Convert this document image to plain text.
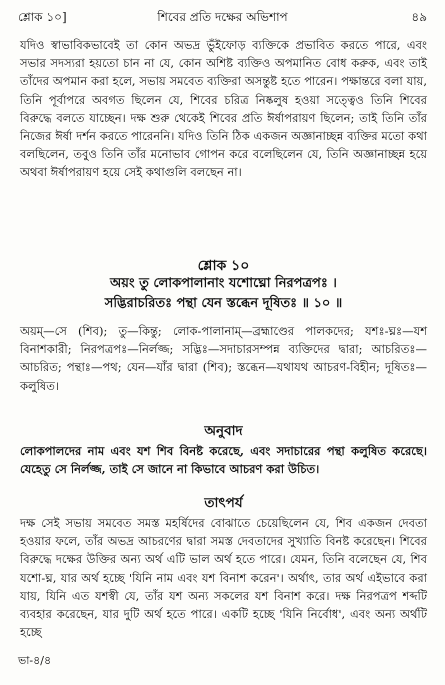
শ্লোক ১০]	শিবের প্রতি দক্ষের অভিশাপ	৪৯
যদিও স্বাভাবিকভাবেই তা কোন অভদ্র ভুঁইফোড় ব্যক্তিকে প্রভাবিত করতে পারে, এবং সভার সদস্যরা হয়তো চান না যে, কোন অশিষ্ট ব্যক্তিও অপমানিত বোধ করুক, এবং তাই তাঁদের অপমান করা হলে, সভায় সমবেত ব্যক্তিরা অসন্তুষ্ট হতে পারেন। পক্ষান্তরে বলা যায়, তিনি পূর্বাপরে অবগত ছিলেন যে, শিবের চরিত্র নিষ্কলুষ হওয়া সত্ত্বেও তিনি শিবের বিরুদ্ধে বলতে যাচ্ছেন। দক্ষ শুরু থেকেই শিবের প্রতি ঈর্ষাপরায়ণ ছিলেন; তাই তিনি তাঁর নিজের ঈর্ষা দর্শন করতে পারেননি। যদিও তিনি ঠিক একজন অজ্ঞানাচ্ছন্ন ব্যক্তির মতো কথা বলছিলেন, তবুও তিনি তাঁর মনোভাব গোপন করে বলেছিলেন যে, তিনি অজ্ঞানাচ্ছন্ন হয়ে অথবা ঈর্ষাপরায়ণ হয়ে সেই কথাগুলি বলছেন না।
শ্লোক ১০
অয়ং তু লোকপালানাং যশোঘ্নো নিরপত্রপঃ ।
সদ্ভিরাচরিতঃ পন্থা যেন স্তব্ধেন দূষিতঃ ॥ ১০ ॥
অয়ম্—সে (শিব); তু—কিন্তু; লোক-পালানাম্—ব্রহ্মাণ্ডের পালকদের; যশঃ-ঘ্নঃ—যশ বিনাশকারী; নিরপত্রপঃ—নির্লজ্জ; সদ্ভিঃ—সদাচারসম্পন্ন ব্যক্তিদের দ্বারা; আচরিতঃ—আচরিত; পন্থাঃ—পথ; যেন—যাঁর দ্বারা (শিব); স্তব্ধেন—যথাযথ আচরণ-বিহীন; দূষিতঃ—কলুষিত।
অনুবাদ
লোকপালদের নাম এবং যশ শিব বিনষ্ট করেছে, এবং সদাচারের পন্থা কলুষিত করেছে। যেহেতু সে নির্লজ্জ, তাই সে জানে না কিভাবে আচরণ করা উচিত।
তাৎপর্য
দক্ষ সেই সভায় সমবেত সমস্ত মহর্ষিদের বোঝাতে চেয়েছিলেন যে, শিব একজন দেবতা হওয়ার ফলে, তাঁর অভদ্র আচরণের দ্বারা সমস্ত দেবতাদের সুখ্যাতি বিনষ্ট করেছেন। শিবের বিরুদ্ধে দক্ষের উক্তির অন্য অর্থ এটি ভাল অর্থ হতে পারে। যেমন, তিনি বলেছেন যে, শিব যশো-ঘ্ন, যার অর্থ হচ্ছে 'যিনি নাম এবং যশ বিনাশ করেন'। অর্থাৎ, তার অর্থ এইভাবে করা যায়, যিনি এত যশস্বী যে, তাঁর যশ অন্য সকলের যশ বিনাশ করে। দক্ষ নিরপত্রপ শব্দটি ব্যবহার করেছেন, যার দুটি অর্থ হতে পারে। একটি হচ্ছে 'যিনি নির্বোধ', এবং অন্য অর্থটি হচ্ছে
ভা-৪/৪
